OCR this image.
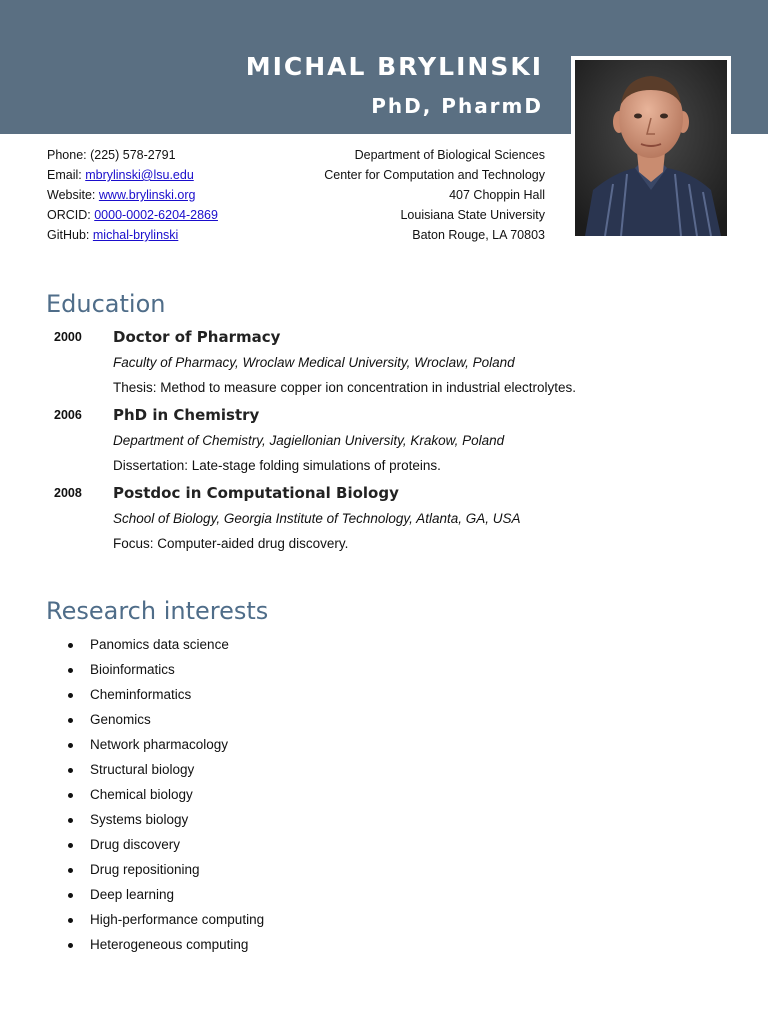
MICHAL BRYLINSKI
PhD, PharmD
Phone: (225) 578-2791
Email: mbrylinski@lsu.edu
Website: www.brylinski.org
ORCID: 0000-0002-6204-2869
GitHub: michal-brylinski
Department of Biological Sciences
Center for Computation and Technology
407 Choppin Hall
Louisiana State University
Baton Rouge, LA 70803
Education
2000 Doctor of Pharmacy
Faculty of Pharmacy, Wroclaw Medical University, Wroclaw, Poland
Thesis: Method to measure copper ion concentration in industrial electrolytes.
2006 PhD in Chemistry
Department of Chemistry, Jagiellonian University, Krakow, Poland
Dissertation: Late-stage folding simulations of proteins.
2008 Postdoc in Computational Biology
School of Biology, Georgia Institute of Technology, Atlanta, GA, USA
Focus: Computer-aided drug discovery.
Research interests
Panomics data science
Bioinformatics
Cheminformatics
Genomics
Network pharmacology
Structural biology
Chemical biology
Systems biology
Drug discovery
Drug repositioning
Deep learning
High-performance computing
Heterogeneous computing
